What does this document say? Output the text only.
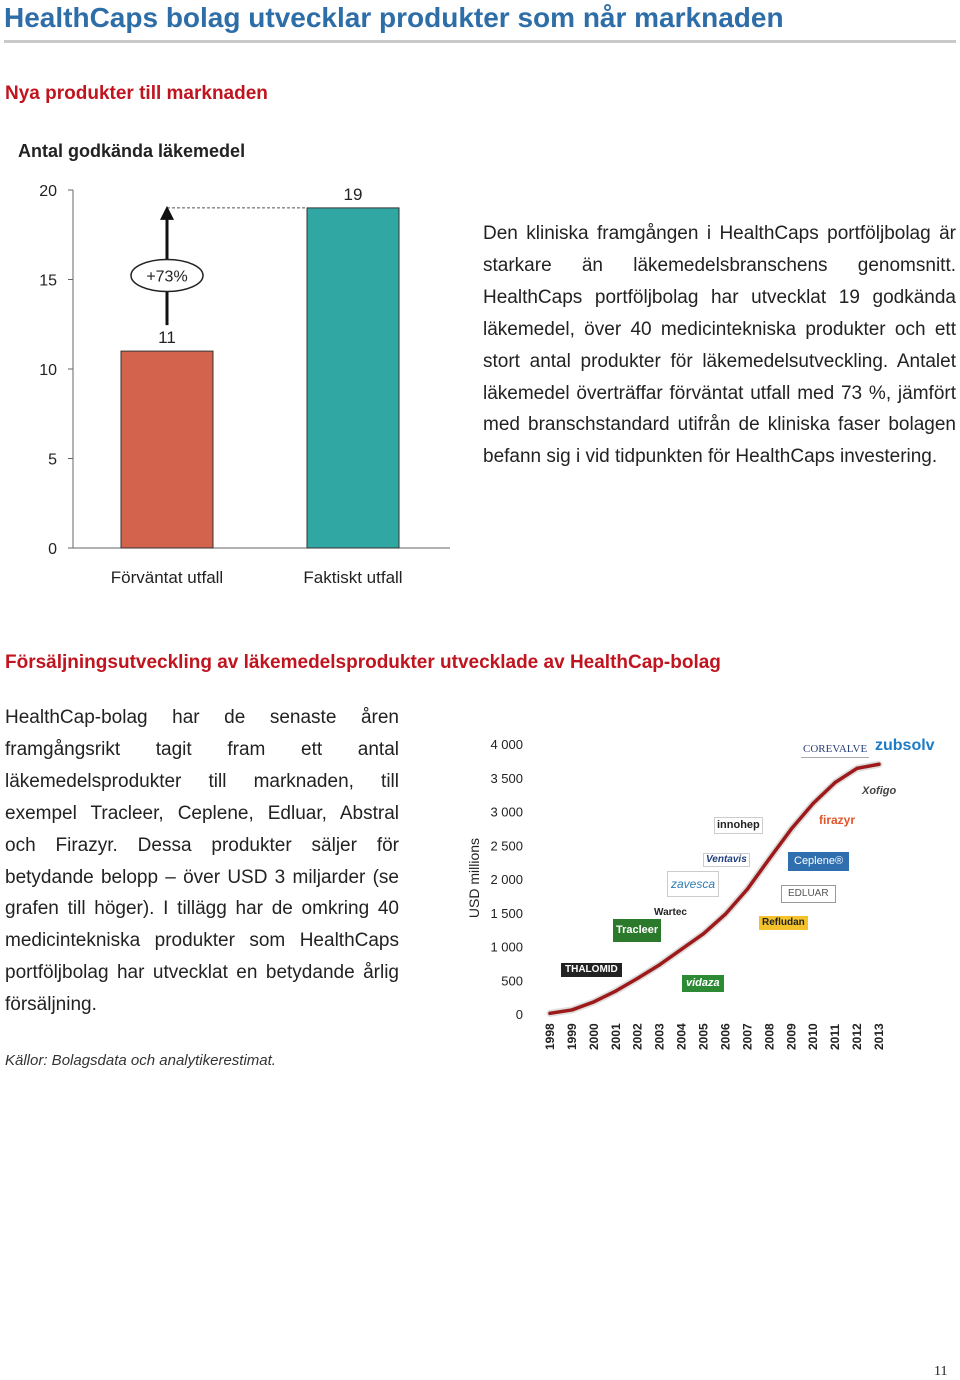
HealthCaps bolag utvecklar produkter som når marknaden
Nya produkter till marknaden
Antal godkända läkemedel
0
5
10
15
20
11
Förväntat utfall
19
Faktiskt utfall
+73%
Den kliniska framgången i HealthCaps portföljbolag är starkare än läkemedelsbranschens genomsnitt. HealthCaps portföljbolag har utvecklat 19 godkända läkemedel, över 40 medicintekniska produkter och ett stort antal produkter för läkemedelsutveckling. Antalet läkemedel överträffar förväntat utfall med 73 %, jämfört med branschstandard utifrån de kliniska faser bolagen befann sig i vid tidpunkten för HealthCaps investering.
Försäljningsutveckling av läkemedelsprodukter utvecklade av HealthCap-bolag
HealthCap-bolag har de senaste åren framgångsrikt tagit fram ett antal läkemedelsprodukter till marknaden, till exempel Tracleer, Ceplene, Edluar, Abstral och Firazyr. Dessa produkter säljer för betydande belopp – över USD 3 miljarder (se grafen till höger). I tillägg har de omkring 40 medicintekniska produkter som HealthCaps portföljbolag har utvecklat en betydande årlig försäljning.
Källor: Bolagsdata och analytikerestimat.
USD millions
0
500
1 000
1 500
2 000
2 500
3 000
3 500
4 000
1998 1999 2000 2001 2002 2003 2004 2005 2006 2007 2008 2009 2010 2011 2012 2013
THALOMID
Tracleer
zavesca
Wartec
Ventavis
vidaza
innohep
EDLUAR
Refludan
Ceplene®
firazyr
Xofigo
COREVALVE zubsolv
11
